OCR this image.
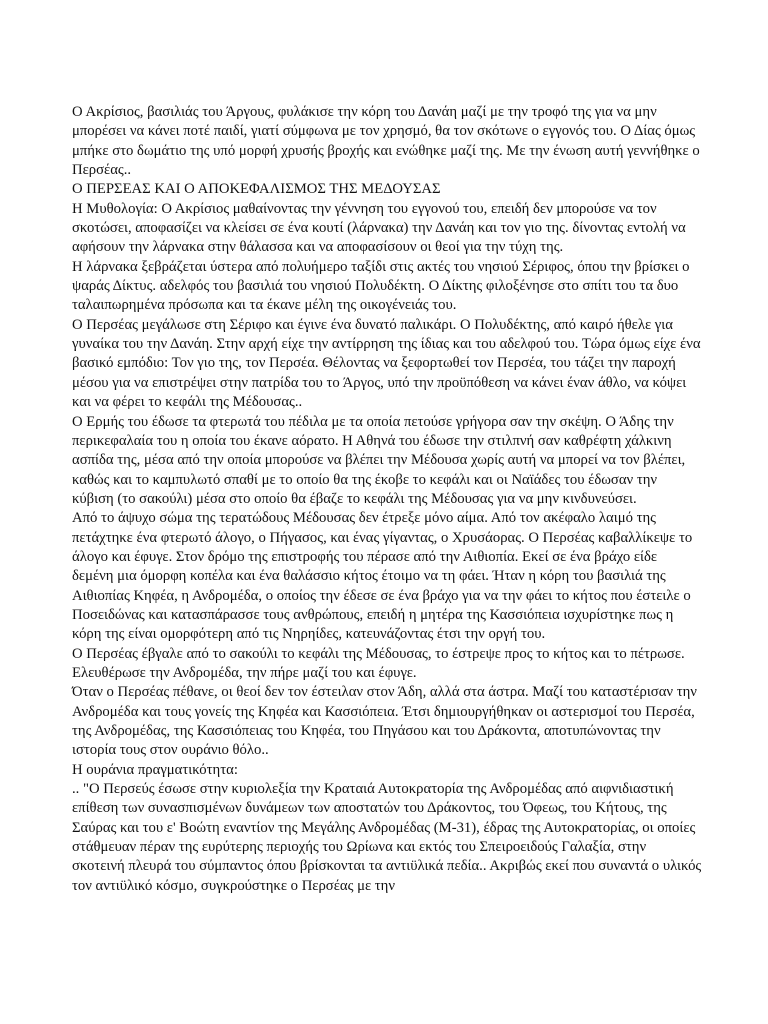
Ο Ακρίσιος, βασιλιάς του Άργους, φυλάκισε την κόρη του Δανάη μαζί με την τροφό της για να μην μπορέσει να κάνει ποτέ παιδί, γιατί σύμφωνα με τον χρησμό, θα τον σκότωνε ο εγγονός του. Ο Δίας όμως μπήκε στο δωμάτιο της υπό μορφή χρυσής βροχής και ενώθηκε μαζί της. Με την ένωση αυτή γεννήθηκε ο Περσέας..

Ο ΠΕΡΣΕΑΣ ΚΑΙ Ο ΑΠΟΚΕΦΑΛΙΣΜΟΣ ΤΗΣ ΜΕΔΟΥΣΑΣ

Η Μυθολογία: Ο Ακρίσιος μαθαίνοντας την γέννηση του εγγονού του, επειδή δεν μπορούσε να τον σκοτώσει, αποφασίζει να κλείσει σε ένα κουτί (λάρνακα) την Δανάη και τον γιο της. δίνοντας εντολή να αφήσουν την λάρνακα στην θάλασσα και να αποφασίσουν οι θεοί για την τύχη της.

Η λάρνακα ξεβράζεται ύστερα από πολυήμερο ταξίδι στις ακτές του νησιού Σέριφος, όπου την βρίσκει ο ψαράς Δίκτυς. αδελφός του βασιλιά του νησιού Πολυδέκτη. Ο Δίκτης φιλοξένησε στο σπίτι του τα δυο ταλαιπωρημένα πρόσωπα και τα έκανε μέλη της οικογένειάς του.

Ο Περσέας μεγάλωσε στη Σέριφο και έγινε ένα δυνατό παλικάρι. Ο Πολυδέκτης, από καιρό ήθελε για γυναίκα του την Δανάη. Στην αρχή είχε την αντίρρηση της ίδιας και του αδελφού του. Τώρα όμως είχε ένα βασικό εμπόδιο: Τον γιο της, τον Περσέα. Θέλοντας να ξεφορτωθεί τον Περσέα, του τάζει την παροχή μέσου για να επιστρέψει στην πατρίδα του το Άργος, υπό την προϋπόθεση να κάνει έναν άθλο, να κόψει και να φέρει το κεφάλι της Μέδουσας..

Ο Ερμής του έδωσε τα φτερωτά του πέδιλα με τα οποία πετούσε γρήγορα σαν την σκέψη. Ο Άδης την περικεφαλαία του η οποία του έκανε αόρατο. Η Αθηνά του έδωσε την στιλπνή σαν καθρέφτη χάλκινη ασπίδα της, μέσα από την οποία μπορούσε να βλέπει την Μέδουσα χωρίς αυτή να μπορεί να τον βλέπει, καθώς και το καμπυλωτό σπαθί με το οποίο θα της έκοβε το κεφάλι και οι Ναϊάδες του έδωσαν την κύβιση (το σακούλι) μέσα στο οποίο θα έβαζε το κεφάλι της Μέδουσας για να μην κινδυνεύσει.

Από το άψυχο σώμα της τερατώδους Μέδουσας δεν έτρεξε μόνο αίμα. Από τον ακέφαλο λαιμό της πετάχτηκε ένα φτερωτό άλογο, ο Πήγασος, και ένας γίγαντας, ο Χρυσάορας. Ο Περσέας καβαλλίκεψε το άλογο και έφυγε. Στον δρόμο της επιστροφής του πέρασε από την Αιθιοπία. Εκεί σε ένα βράχο είδε δεμένη μια όμορφη κοπέλα και ένα θαλάσσιο κήτος έτοιμο να τη φάει. Ήταν η κόρη του βασιλιά της Αιθιοπίας Κηφέα, η Ανδρομέδα, ο οποίος την έδεσε σε ένα βράχο για να την φάει το κήτος που έστειλε ο Ποσειδώνας και κατασπάρασσε τους ανθρώπους, επειδή η μητέρα της Κασσιόπεια ισχυρίστηκε πως η κόρη της είναι ομορφότερη από τις Νηρηίδες, κατευνάζοντας έτσι την οργή του.

Ο Περσέας έβγαλε από το σακούλι το κεφάλι της Μέδουσας, το έστρεψε προς το κήτος και το πέτρωσε. Ελευθέρωσε την Ανδρομέδα, την πήρε μαζί του και έφυγε.

Όταν ο Περσέας πέθανε, οι θεοί δεν τον έστειλαν στον Άδη, αλλά στα άστρα. Μαζί του καταστέρισαν την Ανδρομέδα και τους γονείς της Κηφέα και Κασσιόπεια. Έτσι δημιουργήθηκαν οι αστερισμοί του Περσέα, της Ανδρομέδας, της Κασσιόπειας του Κηφέα, του Πηγάσου και του Δράκοντα, αποτυπώνοντας την ιστορία τους στον ουράνιο θόλο..

Η ουράνια πραγματικότητα:

.. "Ο Περσεύς έσωσε στην κυριολεξία την Κραταιά Αυτοκρατορία της Ανδρομέδας από αιφνιδιαστική επίθεση των συνασπισμένων δυνάμεων των αποστατών του Δράκοντος, του Όφεως, του Κήτους, της Σαύρας και του ε' Βοώτη εναντίον της Μεγάλης Ανδρομέδας (Μ-31), έδρας της Αυτοκρατορίας, οι οποίες στάθμευαν πέραν της ευρύτερης περιοχής του Ωρίωνα και εκτός του Σπειροειδούς Γαλαξία, στην σκοτεινή πλευρά του σύμπαντος όπου βρίσκονται τα αντιϋλικά πεδία.. Ακριβώς εκεί που συναντά ο υλικός τον αντιϋλικό κόσμο, συγκρούστηκε ο Περσέας με την
